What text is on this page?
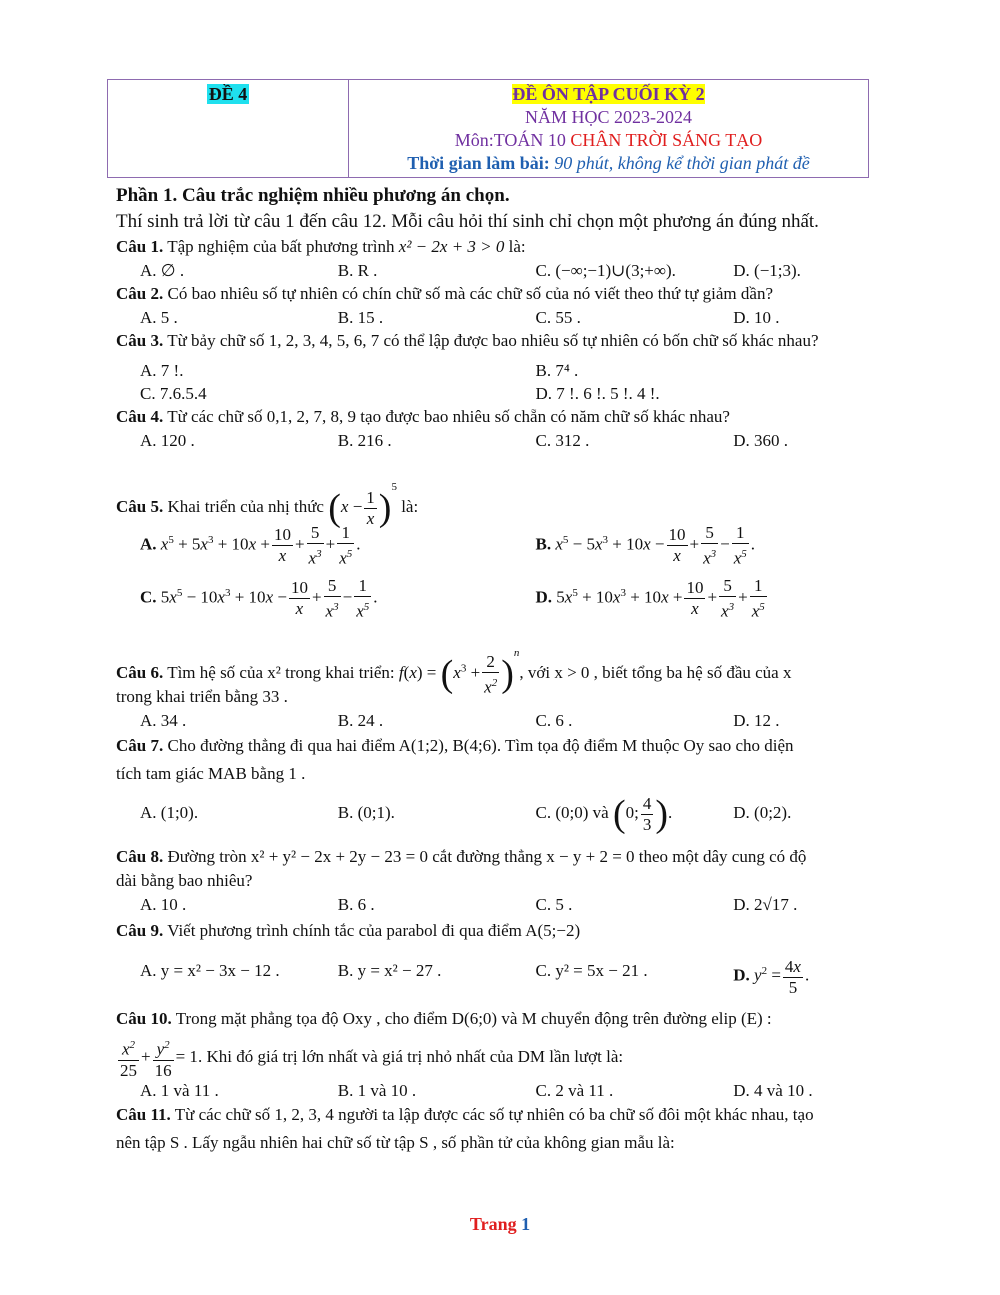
ĐỀ 4	ĐỀ ÔN TẬP CUỐI KỲ 2
NĂM HỌC 2023-2024
Môn:TOÁN 10 CHÂN TRỜI SÁNG TẠO
Thời gian làm bài: 90 phút, không kể thời gian phát đề
Phần 1. Câu trắc nghiệm nhiều phương án chọn.
Thí sinh trả lời từ câu 1 đến câu 12. Mỗi câu hỏi thí sinh chỉ chọn một phương án đúng nhất.
Câu 1. Tập nghiệm của bất phương trình x² − 2x + 3 > 0 là:
A. ∅ .	B. R .	C. (−∞;−1)∪(3;+∞).	D. (−1;3).
Câu 2. Có bao nhiêu số tự nhiên có chín chữ số mà các chữ số của nó viết theo thứ tự giảm dần?
A. 5 .	B. 15 .	C. 55 .	D. 10 .
Câu 3. Từ bảy chữ số 1, 2, 3, 4, 5, 6, 7 có thể lập được bao nhiêu số tự nhiên có bốn chữ số khác nhau?
A. 7 !.	B. 7⁴ .
C. 7.6.5.4	D. 7 !. 6 !. 5 !. 4 !.
Câu 4. Từ các chữ số 0,1, 2, 7, 8, 9 tạo được bao nhiêu số chẵn có năm chữ số khác nhau?
A. 120 .	B. 216 .	C. 312 .	D. 360 .
Câu 5. Khai triển của nhị thức $(x - \frac{1}{x} )^5$ là:
A. $x^5 + 5x^3 + 10x + \frac{10}{x} + \frac{5}{x^3} + \frac{1}{x^5}$ .	B. $x^5 - 5x^3 + 10x - \frac{10}{x} + \frac{5}{x^3} - \frac{1}{x^5}$ .
C. $5x^5 - 10x^3 + 10x - \frac{10}{x} + \frac{5}{x^3} - \frac{1}{x^5}$ .	D. $5x^5 + 10x^3 + 10x + \frac{10}{x} + \frac{5}{x^3} + \frac{1}{x^5}$
Câu 6. Tìm hệ số của x² trong khai triển: $f(x) = (x^3 + \frac{2}{x^2} )^n$, với x > 0 , biết tổng ba hệ số đầu của x
trong khai triển bằng 33 .
A. 34 .	B. 24 .	C. 6 .	D. 12 .
Câu 7. Cho đường thẳng đi qua hai điểm A(1;2), B(4;6). Tìm tọa độ điểm M thuộc Oy sao cho diện
tích tam giác MAB bằng 1 .
A. (1;0).	B. (0;1).	C. (0;0) và (0; $\frac{4}{3}$ ).	D. (0;2).
Câu 8. Đường tròn x² + y² − 2x + 2y − 23 = 0 cắt đường thẳng x − y + 2 = 0 theo một dây cung có độ
dài bằng bao nhiêu?
A. 10 .	B. 6 .	C. 5 .	D. 2√17 .
Câu 9. Viết phương trình chính tắc của parabol đi qua điểm A(5;−2)
A. y = x² − 3x − 12 .	B. y = x² − 27 .	C. y² = 5x − 21 .	D. $y^2 = \frac{4x}{5}$ .
Câu 10. Trong mặt phẳng tọa độ Oxy , cho điểm D(6;0) và M chuyển động trên đường elip (E) :
$\frac{x^2}{25} + \frac{y^2}{16} = 1$. Khi đó giá trị lớn nhất và giá trị nhỏ nhất của DM lần lượt là:
A. 1 và 11 .	B. 1 và 10 .	C. 2 và 11 .	D. 4 và 10 .
Câu 11. Từ các chữ số 1, 2, 3, 4 người ta lập được các số tự nhiên có ba chữ số đôi một khác nhau, tạo
nên tập S . Lấy ngẫu nhiên hai chữ số từ tập S , số phần tử của không gian mẫu là:
Trang 1
